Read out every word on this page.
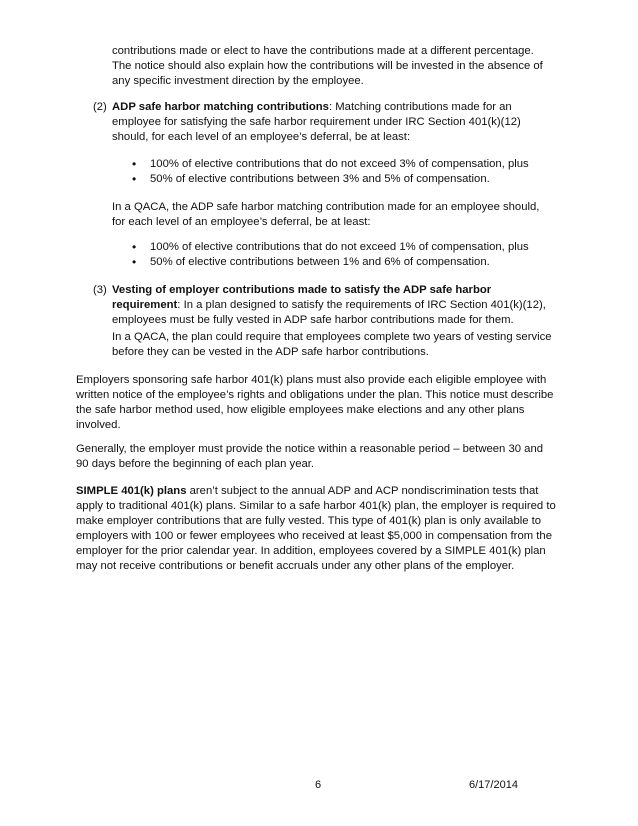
contributions made or elect to have the contributions made at a different percentage.

The notice should also explain how the contributions will be invested in the absence of

any specific investment direction by the employee.

(2) ADP safe harbor matching contributions: Matching contributions made for an

employee for satisfying the safe harbor requirement under IRC Section 401(k)(12)

should, for each level of an employee’s deferral, be at least:

• 100% of elective contributions that do not exceed 3% of compensation, plus
• 50% of elective contributions between 3% and 5% of compensation.

In a QACA, the ADP safe harbor matching contribution made for an employee should,

for each level of an employee’s deferral, be at least:

• 100% of elective contributions that do not exceed 1% of compensation, plus
• 50% of elective contributions between 1% and 6% of compensation.
(3) Vesting of employer contributions made to satisfy the ADP safe harbor

requirement: In a plan designed to satisfy the requirements of IRC Section 401(k)(12),

employees must be fully vested in ADP safe harbor contributions made for them.

In a QACA, the plan could require that employees complete two years of vesting service

before they can be vested in the ADP safe harbor contributions.

Employers sponsoring safe harbor 401(k) plans must also provide each eligible employee with

written notice of the employee’s rights and obligations under the plan. This notice must describe

the safe harbor method used, how eligible employees make elections and any other plans

involved.

Generally, the employer must provide the notice within a reasonable period – between 30 and

90 days before the beginning of each plan year.

SIMPLE 401(k) plans aren’t subject to the annual ADP and ACP nondiscrimination tests that

apply to traditional 401(k) plans. Similar to a safe harbor 401(k) plan, the employer is required to

make employer contributions that are fully vested. This type of 401(k) plan is only available to

employers with 100 or fewer employees who received at least $5,000 in compensation from the

employer for the prior calendar year. In addition, employees covered by a SIMPLE 401(k) plan

may not receive contributions or benefit accruals under any other plans of the employer.

6	6/17/2014
